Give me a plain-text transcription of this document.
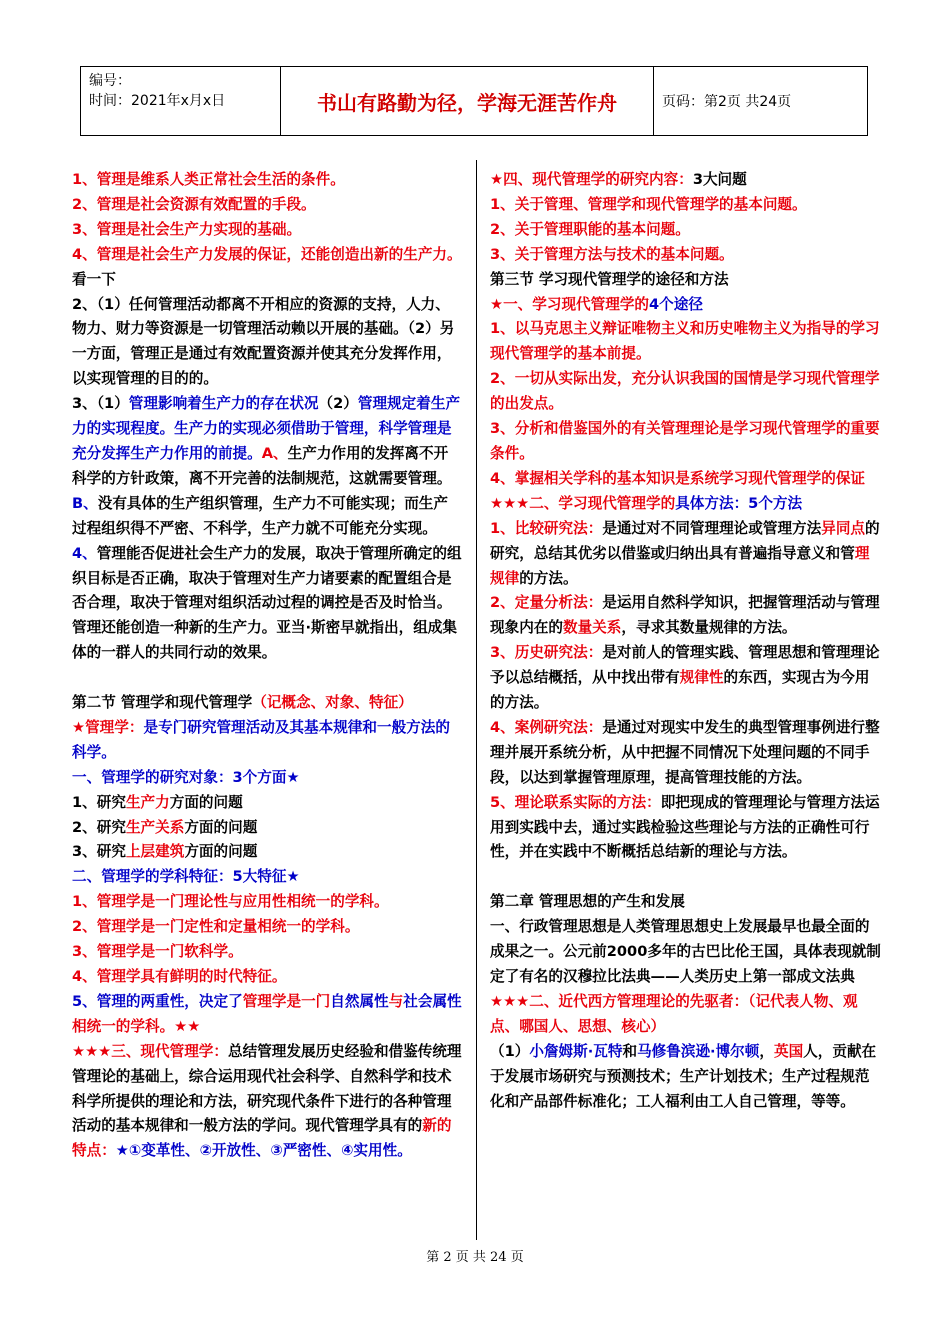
编号：
时间：2021年x月x日	书山有路勤为径，学海无涯苦作舟	页码：第2页 共24页

1、管理是维系人类正常社会生活的条件。

2、管理是社会资源有效配置的手段。

3、管理是社会生产力实现的基础。

4、管理是社会生产力发展的保证，还能创造出新的生产力。

看一下

2、（1）任何管理活动都离不开相应的资源的支持，人力、物力、财力等资源是一切管理活动赖以开展的基础。（2）另一方面，管理正是通过有效配置资源并使其充分发挥作用，以实现管理的目的的。

3、（1）管理影响着生产力的存在状况（2）管理规定着生产力的实现程度。生产力的实现必须借助于管理，科学管理是充分发挥生产力作用的前提。A、生产力作用的发挥离不开科学的方针政策，离不开完善的法制规范，这就需要管理。B、没有具体的生产组织管理，生产力不可能实现；而生产过程组织得不严密、不科学，生产力就不可能充分实现。

4、管理能否促进社会生产力的发展，取决于管理所确定的组织目标是否正确，取决于管理对生产力诸要素的配置组合是否合理，取决于管理对组织活动过程的调控是否及时恰当。管理还能创造一种新的生产力。亚当·斯密早就指出，组成集体的一群人的共同行动的效果。

第二节 管理学和现代管理学（记概念、对象、特征）

★管理学：是专门研究管理活动及其基本规律和一般方法的科学。

一、管理学的研究对象：3个方面★

1、研究生产力方面的问题

2、研究生产关系方面的问题

3、研究上层建筑方面的问题

二、管理学的学科特征：5大特征★

1、管理学是一门理论性与应用性相统一的学科。

2、管理学是一门定性和定量相统一的学科。

3、管理学是一门软科学。

4、管理学具有鲜明的时代特征。

5、管理的两重性，决定了管理学是一门自然属性与社会属性相统一的学科。★★

★★★三、现代管理学：总结管理发展历史经验和借鉴传统理管理论的基础上，综合运用现代社会科学、自然科学和技术科学所提供的理论和方法，研究现代条件下进行的各种管理活动的基本规律和一般方法的学问。现代管理学具有的新的特点：★①变革性、②开放性、③严密性、④实用性。

★四、现代管理学的研究内容：3大问题

1、关于管理、管理学和现代管理学的基本问题。

2、关于管理职能的基本问题。

3、关于管理方法与技术的基本问题。

第三节 学习现代管理学的途径和方法

★一、学习现代管理学的4个途径

1、以马克思主义辩证唯物主义和历史唯物主义为指导的学习现代管理学的基本前提。

2、一切从实际出发，充分认识我国的国情是学习现代管理学的出发点。

3、分析和借鉴国外的有关管理理论是学习现代管理学的重要条件。

4、掌握相关学科的基本知识是系统学习现代管理学的保证

★★★二、学习现代管理学的具体方法：5个方法

1、比较研究法：是通过对不同管理理论或管理方法异同点的研究，总结其优劣以借鉴或归纳出具有普遍指导意义和管理规律的方法。

2、定量分析法：是运用自然科学知识，把握管理活动与管理现象内在的数量关系，寻求其数量规律的方法。

3、历史研究法：是对前人的管理实践、管理思想和管理理论予以总结概括，从中找出带有规律性的东西，实现古为今用的方法。

4、案例研究法：是通过对现实中发生的典型管理事例进行整理并展开系统分析，从中把握不同情况下处理问题的不同手段，以达到掌握管理原理，提高管理技能的方法。

5、理论联系实际的方法：即把现成的管理理论与管理方法运用到实践中去，通过实践检验这些理论与方法的正确性可行性，并在实践中不断概括总结新的理论与方法。

第二章 管理思想的产生和发展

一、行政管理思想是人类管理思想史上发展最早也最全面的成果之一。公元前2000多年的古巴比伦王国，具体表现就制定了有名的汉穆拉比法典——人类历史上第一部成文法典

★★★二、近代西方管理理论的先驱者：（记代表人物、观点、哪国人、思想、核心）

（1）小詹姆斯·瓦特和马修鲁滨逊·博尔顿，英国人，贡献在于发展市场研究与预测技术；生产计划技术；生产过程规范化和产品部件标准化；工人福利由工人自己管理，等等。

第 2 页 共 24 页
